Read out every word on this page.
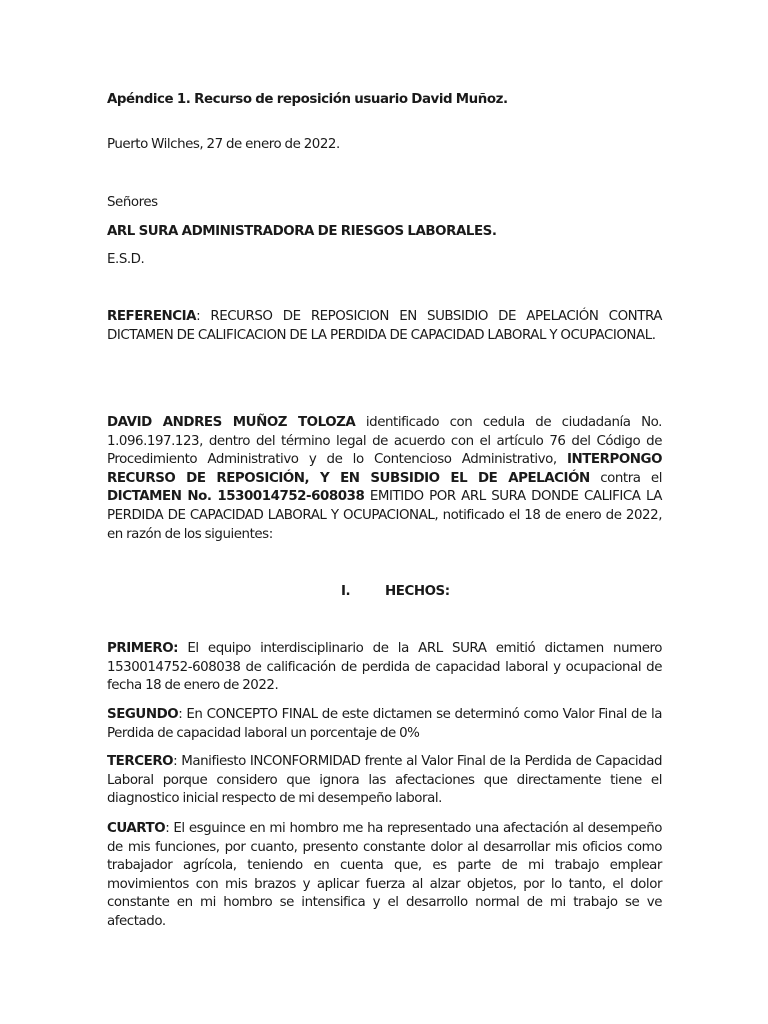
Apéndice 1. Recurso de reposición usuario David Muñoz.

Puerto Wilches, 27 de enero de 2022.

Señores

ARL SURA ADMINISTRADORA DE RIESGOS LABORALES.

E.S.D.

REFERENCIA: RECURSO DE REPOSICION EN SUBSIDIO DE APELACIÓN CONTRA DICTAMEN DE CALIFICACION DE LA PERDIDA DE CAPACIDAD LABORAL Y OCUPACIONAL.

DAVID ANDRES MUÑOZ TOLOZA identificado con cedula de ciudadanía No. 1.096.197.123, dentro del término legal de acuerdo con el artículo 76 del Código de Procedimiento Administrativo y de lo Contencioso Administrativo, INTERPONGO RECURSO DE REPOSICIÓN, Y EN SUBSIDIO EL DE APELACIÓN contra el DICTAMEN No. 1530014752-608038 EMITIDO POR ARL SURA DONDE CALIFICA LA PERDIDA DE CAPACIDAD LABORAL Y OCUPACIONAL, notificado el 18 de enero de 2022, en razón de los siguientes:

I.	HECHOS:

PRIMERO: El equipo interdisciplinario de la ARL SURA emitió dictamen numero 1530014752-608038 de calificación de perdida de capacidad laboral y ocupacional de fecha 18 de enero de 2022.

SEGUNDO: En CONCEPTO FINAL de este dictamen se determinó como Valor Final de la Perdida de capacidad laboral un porcentaje de 0%

TERCERO: Manifiesto INCONFORMIDAD frente al Valor Final de la Perdida de Capacidad Laboral porque considero que ignora las afectaciones que directamente tiene el diagnostico inicial respecto de mi desempeño laboral.

CUARTO: El esguince en mi hombro me ha representado una afectación al desempeño de mis funciones, por cuanto, presento constante dolor al desarrollar mis oficios como trabajador agrícola, teniendo en cuenta que, es parte de mi trabajo emplear movimientos con mis brazos y aplicar fuerza al alzar objetos, por lo tanto, el dolor constante en mi hombro se intensifica y el desarrollo normal de mi trabajo se ve afectado.
